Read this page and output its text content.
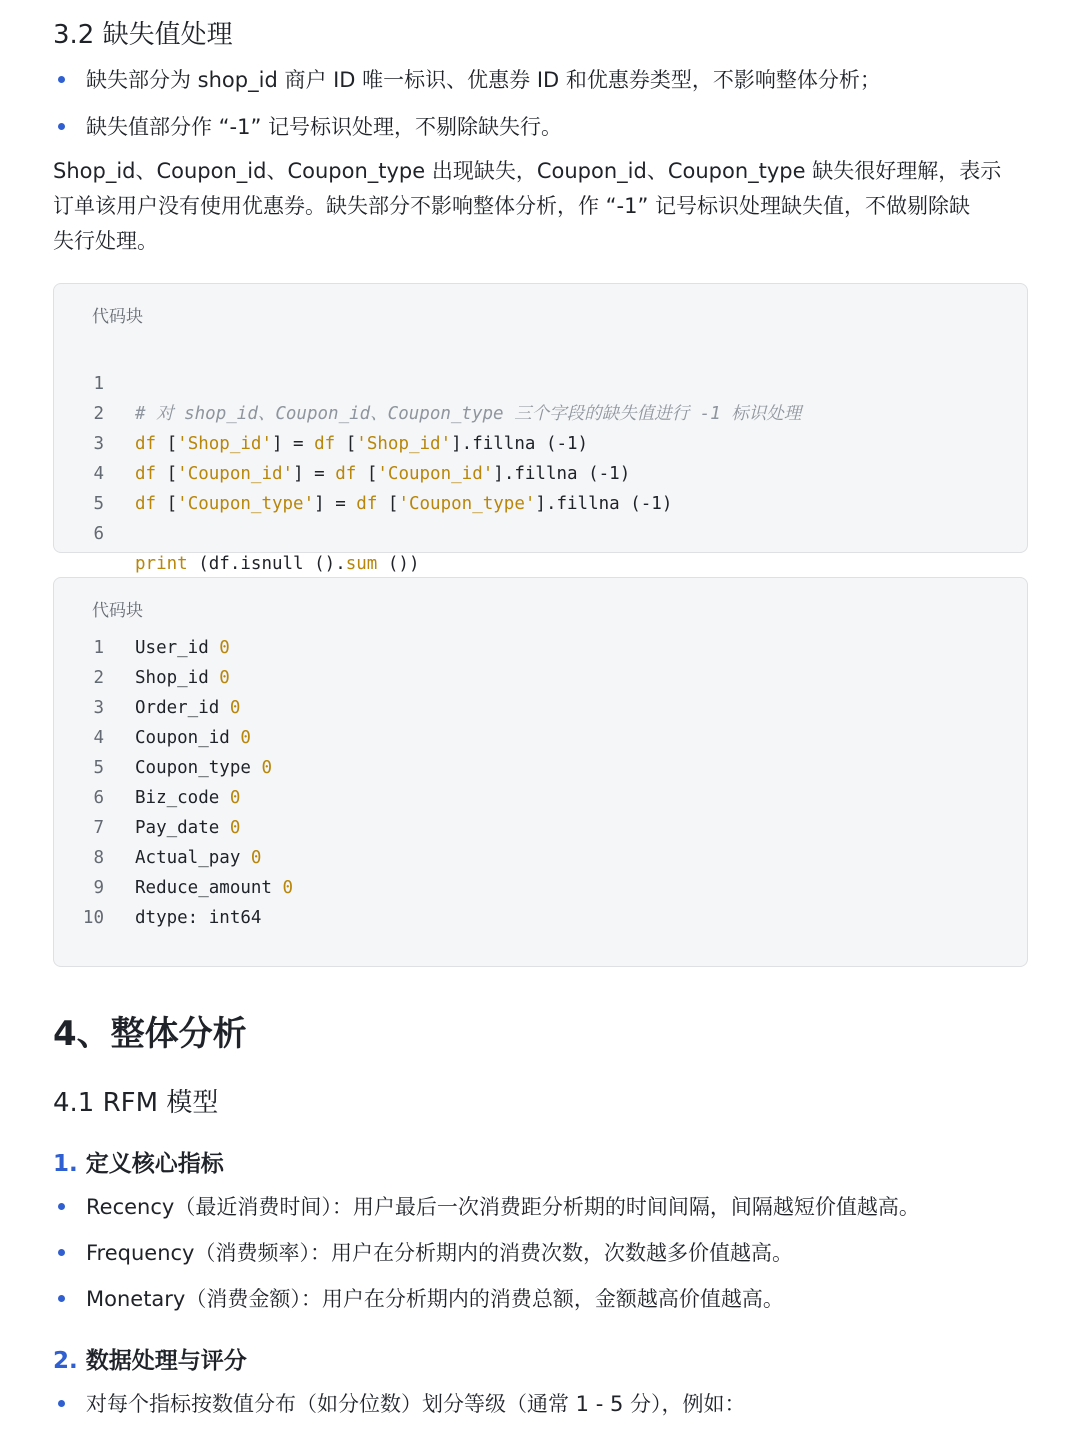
3.2 缺失值处理
缺失部分为 shop_id 商户 ID 唯一标识、优惠券 ID 和优惠券类型，不影响整体分析；
缺失值部分作 “-1” 记号标识处理，不剔除缺失行。
Shop_id、Coupon_id、Coupon_type 出现缺失，Coupon_id、Coupon_type 缺失很好理解，表示
订单该用户没有使用优惠券。缺失部分不影响整体分析，作 “-1” 记号标识处理缺失值，不做剔除缺
失行处理。
代码块

1

# 对 shop_id、Coupon_id、Coupon_type 三个字段的缺失值进行 -1 标识处理

2

df ['Shop_id'] = df ['Shop_id'].fillna (-1)

3

df ['Coupon_id'] = df ['Coupon_id'].fillna (-1)

4

df ['Coupon_type'] = df ['Coupon_type'].fillna (-1)

5

6

print (df.isnull ().sum ())

代码块
1 User_id 0
2 Shop_id 0
3 Order_id 0
4 Coupon_id 0
5 Coupon_type 0
6 Biz_code 0
7 Pay_date 0
8 Actual_pay 0
9 Reduce_amount 0
10 dtype: int64
4、整体分析
4.1 RFM 模型
1. 定义核心指标
Recency（最近消费时间）：用户最后一次消费距分析期的时间间隔，间隔越短价值越高。
Frequency（消费频率）：用户在分析期内的消费次数，次数越多价值越高。
Monetary（消费金额）：用户在分析期内的消费总额，金额越高价值越高。
2. 数据处理与评分
对每个指标按数值分布（如分位数）划分等级（通常 1 - 5 分），例如：
